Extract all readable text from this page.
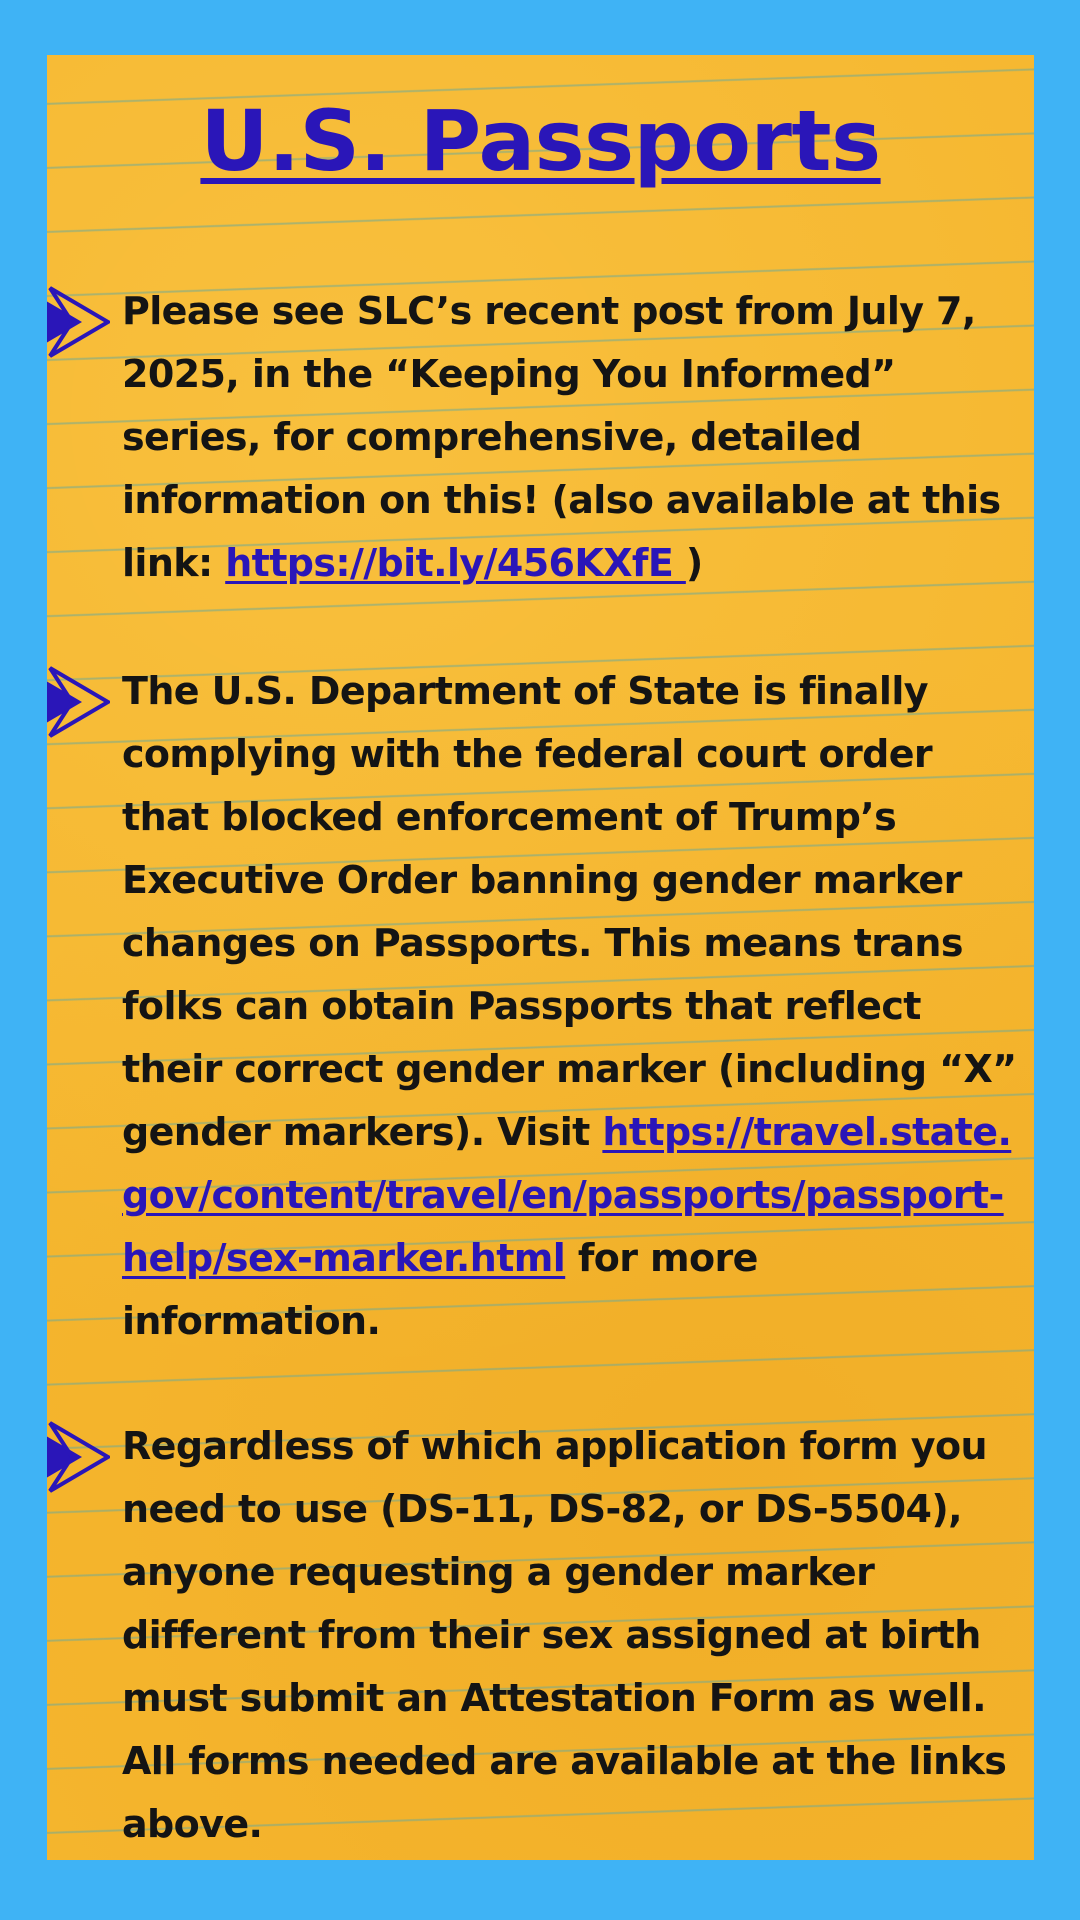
U.S. Passports

Please see SLC’s recent post from July 7, 2025, in the “Keeping You Informed” series, for comprehensive, detailed information on this! (also available at this link: https://bit.ly/456KXfE )

The U.S. Department of State is finally complying with the federal court order that blocked enforcement of Trump’s Executive Order banning gender marker changes on Passports. This means trans folks can obtain Passports that reflect their correct gender marker (including “X” gender markers). Visit https://travel.state.gov/content/travel/en/passports/passport-help/sex-marker.html for more information.

Regardless of which application form you need to use (DS-11, DS-82, or DS-5504), anyone requesting a gender marker different from their sex assigned at birth must submit an Attestation Form as well. All forms needed are available at the links above.
